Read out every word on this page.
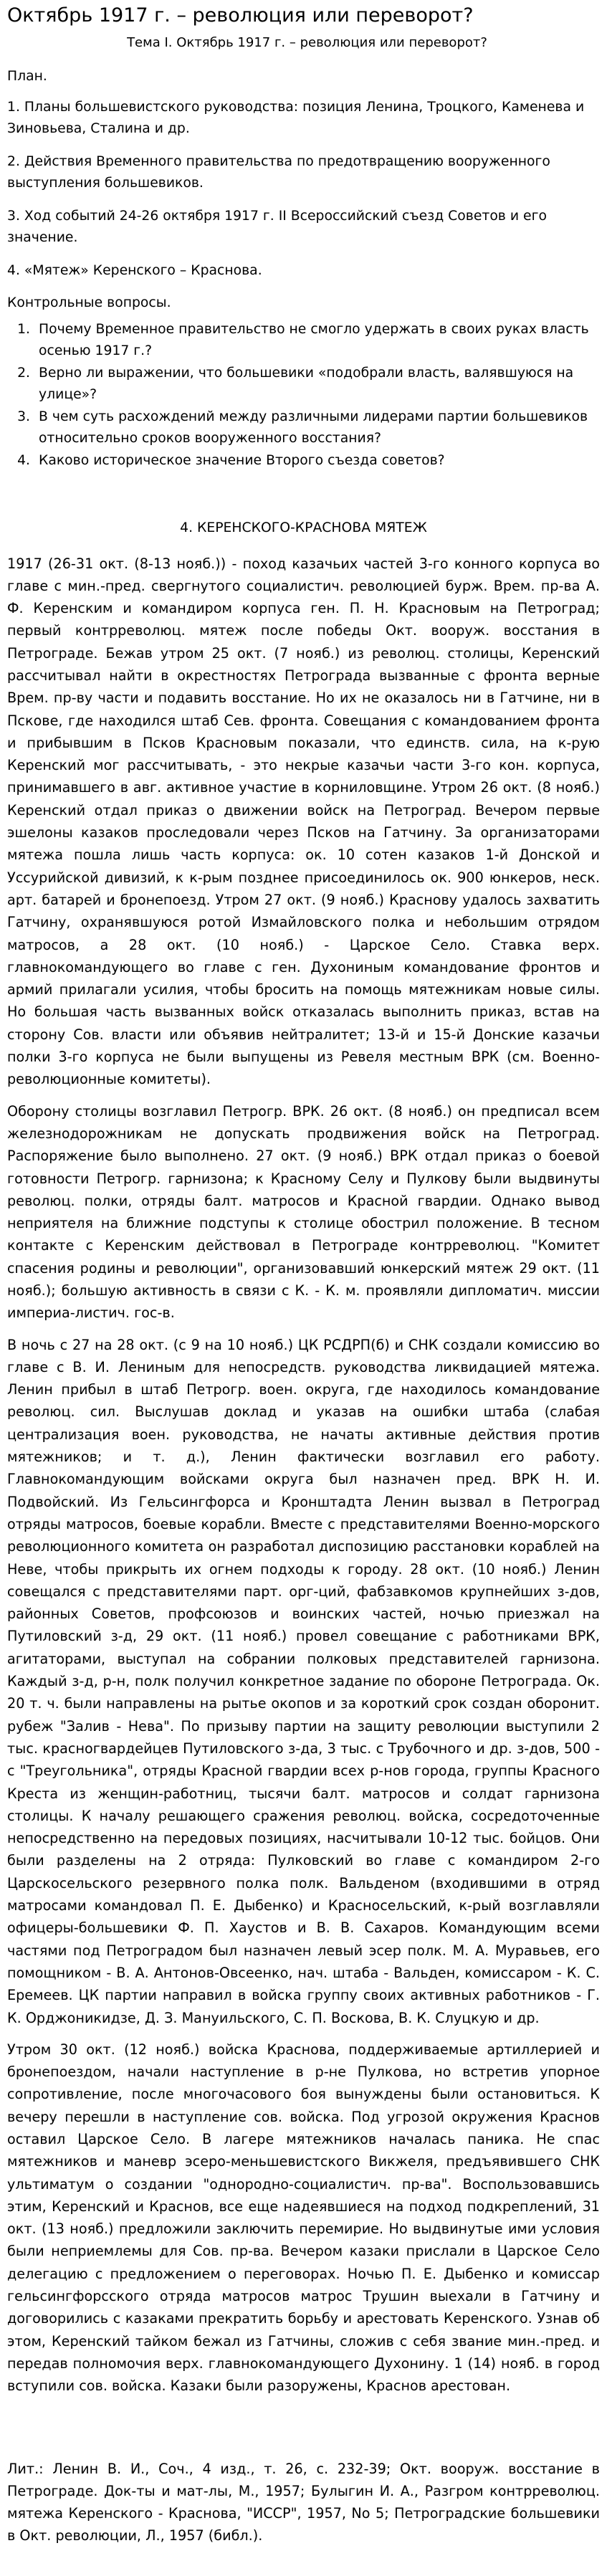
Октябрь 1917 г. – революция или переворот?
Тема I. Октябрь 1917 г. – революция или переворот?

План.

1. Планы большевистского руководства: позиция Ленина, Троцкого, Каменева и Зиновьева, Сталина и др.

2. Действия Временного правительства по предотвращению вооруженного выступления большевиков.

3. Ход событий 24-26 октября 1917 г. II Всероссийский съезд Советов и его значение.

4. «Мятеж» Керенского – Краснова.

Контрольные вопросы.

1. Почему Временное правительство не смогло удержать в своих руках власть осенью 1917 г.?
2. Верно ли выражении, что большевики «подобрали власть, валявшуюся на улице»?
3. В чем суть расхождений между различными лидерами партии большевиков относительно сроков вооруженного восстания?
4. Каково историческое значение Второго съезда советов?
4. КЕРЕНСКОГО-КРАСНОВА МЯТЕЖ

1917 (26-31 окт. (8-13 нояб.)) - поход казачьих частей 3-го конного корпуса во главе с мин.-пред. свергнутого социалистич. революцией бурж. Врем. пр-ва А. Ф. Керенским и командиром корпуса ген. П. Н. Красновым на Петроград; первый контрреволюц. мятеж после победы Окт. вооруж. восстания в Петрограде. Бежав утром 25 окт. (7 нояб.) из революц. столицы, Керенский рассчитывал найти в окрестностях Петрограда вызванные с фронта верные Врем. пр-ву части и подавить восстание. Но их не оказалось ни в Гатчине, ни в Пскове, где находился штаб Сев. фронта. Совещания с командованием фронта и прибывшим в Псков Красновым показали, что единств. сила, на к-рую Керенский мог рассчитывать, - это некрые казачьи части 3-го кон. корпуса, принимавшего в авг. активное участие в корниловщине. Утром 26 окт. (8 нояб.) Керенский отдал приказ о движении войск на Петроград. Вечером первые эшелоны казаков проследовали через Псков на Гатчину. За организаторами мятежа пошла лишь часть корпуса: ок. 10 сотен казаков 1-й Донской и Уссурийской дивизий, к к-рым позднее присоединилось ок. 900 юнкеров, неск. арт. батарей и бронепоезд. Утром 27 окт. (9 нояб.) Краснову удалось захватить Гатчину, охранявшуюся ротой Измайловского полка и небольшим отрядом матросов, а 28 окт. (10 нояб.) - Царское Село. Ставка верх. главнокомандующего во главе с ген. Духониным командование фронтов и армий прилагали усилия, чтобы бросить на помощь мятежникам новые силы. Но большая часть вызванных войск отказалась выполнить приказ, встав на сторону Сов. власти или объявив нейтралитет; 13-й и 15-й Донские казачьи полки 3-го корпуса не были выпущены из Ревеля местным ВРК (см. Военно-революционные комитеты).

Оборону столицы возглавил Петрогр. ВРК. 26 окт. (8 нояб.) он предписал всем железнодорожникам не допускать продвижения войск на Петроград. Распоряжение было выполнено. 27 окт. (9 нояб.) ВРК отдал приказ о боевой готовности Петрогр. гарнизона; к Красному Селу и Пулкову были выдвинуты революц. полки, отряды балт. матросов и Красной гвардии. Однако вывод неприятеля на ближние подступы к столице обострил положение. В тесном контакте с Керенским действовал в Петрограде контрреволюц. "Комитет спасения родины и революции", организовавший юнкерский мятеж 29 окт. (11 нояб.); большую активность в связи с К. - К. м. проявляли дипломатич. миссии империа-листич. гос-в.

В ночь с 27 на 28 окт. (с 9 на 10 нояб.) ЦК РСДРП(б) и СНК создали комиссию во главе с В. И. Лениным для непосредств. руководства ликвидацией мятежа. Ленин прибыл в штаб Петрогр. воен. округа, где находилось командование революц. сил. Выслушав доклад и указав на ошибки штаба (слабая централизация воен. руководства, не начаты активные действия против мятежников; и т. д.), Ленин фактически возглавил его работу. Главнокомандующим войсками округа был назначен пред. ВРК Н. И. Подвойский. Из Гельсингфорса и Кронштадта Ленин вызвал в Петроград отряды матросов, боевые корабли. Вместе с представителями Военно-морского революционного комитета он разработал диспозицию расстановки кораблей на Неве, чтобы прикрыть их огнем подходы к городу. 28 окт. (10 нояб.) Ленин совещался с представителями парт. орг-ций, фабзавкомов крупнейших з-дов, районных Советов, профсоюзов и воинских частей, ночью приезжал на Путиловский з-д, 29 окт. (11 нояб.) провел совещание с работниками ВРК, агитаторами, выступал на собрании полковых представителей гарнизона. Каждый з-д, р-н, полк получил конкретное задание по обороне Петрограда. Ок. 20 т. ч. были направлены на рытье окопов и за короткий срок создан оборонит. рубеж "Залив - Нева". По призыву партии на защиту революции выступили 2 тыс. красногвардейцев Путиловского з-да, 3 тыс. с Трубочного и др. з-дов, 500 - с "Треугольника", отряды Красной гвардии всех р-нов города, группы Красного Креста из женщин-работниц, тысячи балт. матросов и солдат гарнизона столицы. К началу решающего сражения революц. войска, сосредоточенные непосредственно на передовых позициях, насчитывали 10-12 тыс. бойцов. Они были разделены на 2 отряда: Пулковский во главе с командиром 2-го Царскосельского резервного полка полк. Вальденом (входившими в отряд матросами командовал П. Е. Дыбенко) и Красносельский, к-рый возглавляли офицеры-большевики Ф. П. Хаустов и В. В. Сахаров. Командующим всеми частями под Петроградом был назначен левый эсер полк. М. А. Муравьев, его помощником - В. А. Антонов-Овсеенко, нач. штаба - Вальден, комиссаром - К. С. Еремеев. ЦК партии направил в войска группу своих активных работников - Г. К. Орджоникидзе, Д. З. Мануильского, С. П. Воскова, В. К. Слуцкую и др.

Утром 30 окт. (12 нояб.) войска Краснова, поддерживаемые артиллерией и бронепоездом, начали наступление в р-не Пулкова, но встретив упорное сопротивление, после многочасового боя вынуждены были остановиться. К вечеру перешли в наступление сов. войска. Под угрозой окружения Краснов оставил Царское Село. В лагере мятежников началась паника. Не спас мятежников и маневр эсеро-меньшевистского Викжеля, предъявившего СНК ультиматум о создании "однородно-социалистич. пр-ва". Воспользовавшись этим, Керенский и Краснов, все еще надеявшиеся на подход подкреплений, 31 окт. (13 нояб.) предложили заключить перемирие. Но выдвинутые ими условия были неприемлемы для Сов. пр-ва. Вечером казаки прислали в Царское Село делегацию с предложением о переговорах. Ночью П. Е. Дыбенко и комиссар гельсингфорсского отряда матросов матрос Трушин выехали в Гатчину и договорились с казаками прекратить борьбу и арестовать Керенского. Узнав об этом, Керенский тайком бежал из Гатчины, сложив с себя звание мин.-пред. и передав полномочия верх. главнокомандующего Духонину. 1 (14) нояб. в город вступили сов. войска. Казаки были разоружены, Краснов арестован.

Лит.: Ленин В. И., Соч., 4 изд., т. 26, с. 232-39; Окт. вооруж. восстание в Петрограде. Док-ты и мат-лы, М., 1957; Булыгин И. А., Разгром контрреволюц. мятежа Керенского - Краснова, "ИССР", 1957, No 5; Петроградские большевики в Окт. революции, Л., 1957 (библ.).
